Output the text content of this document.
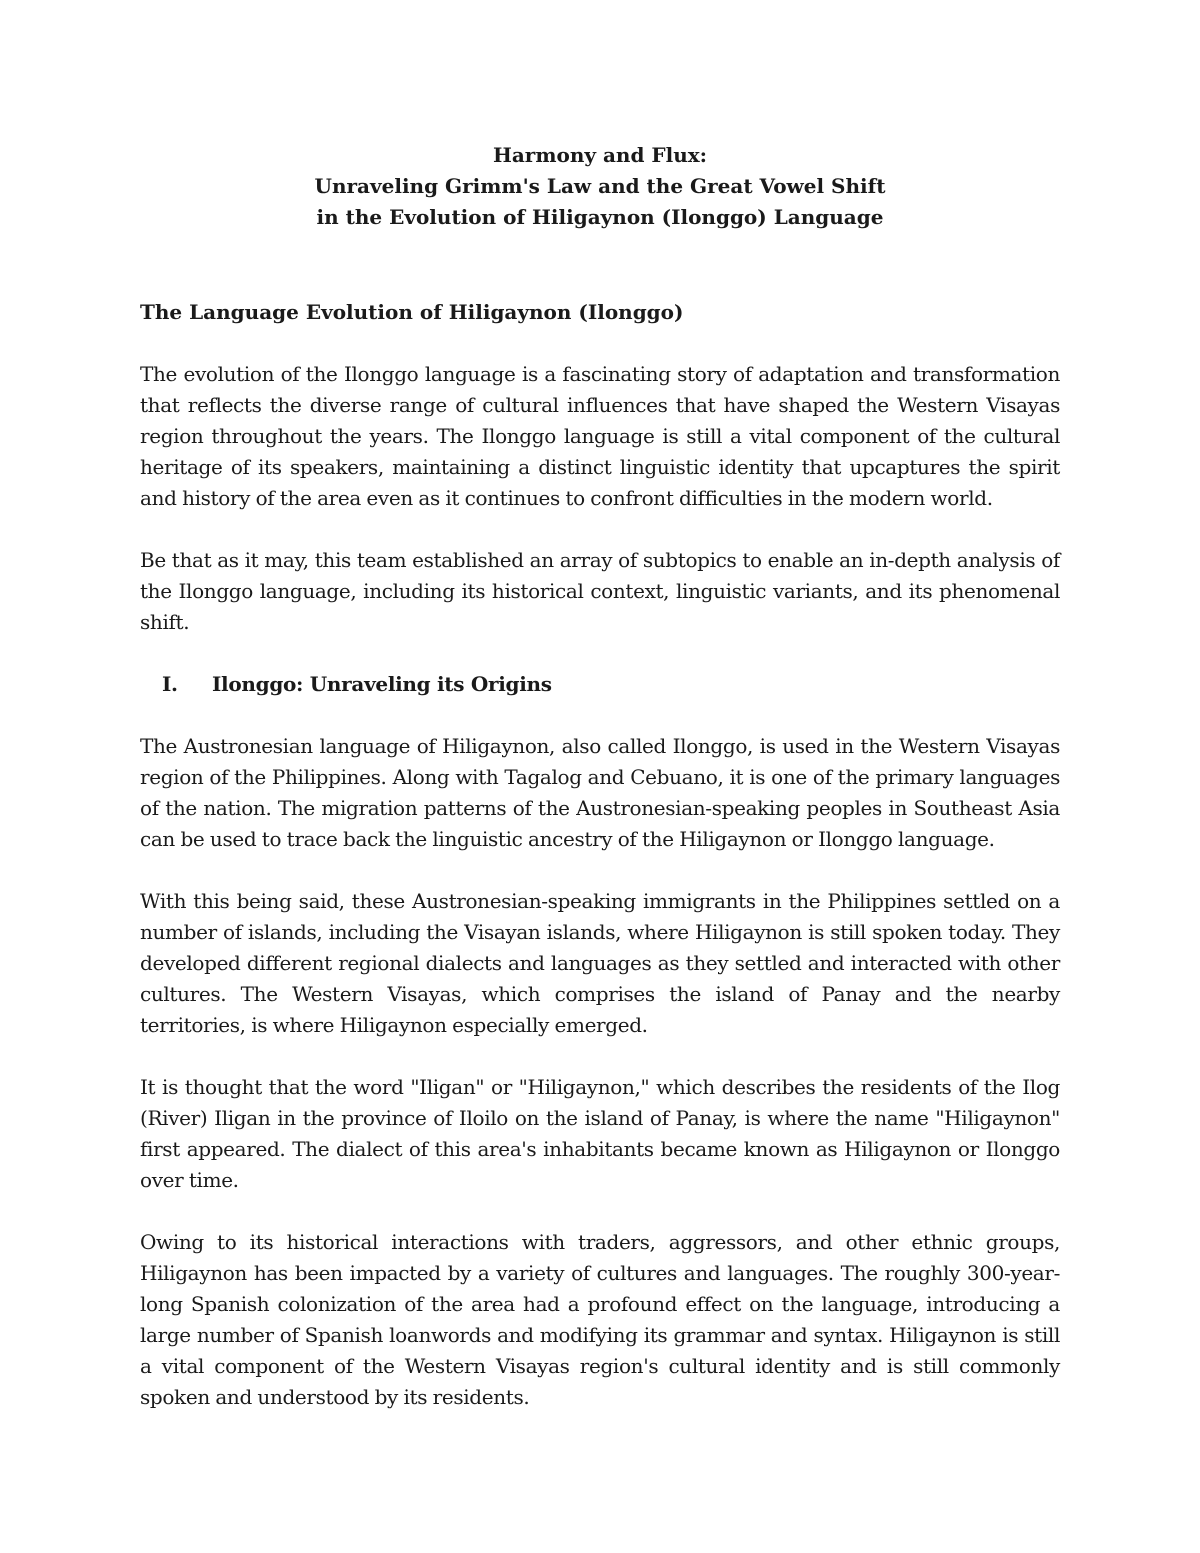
Harmony and Flux:
Unraveling Grimm's Law and the Great Vowel Shift
in the Evolution of Hiligaynon (Ilonggo) Language
The Language Evolution of Hiligaynon (Ilonggo)

The evolution of the Ilonggo language is a fascinating story of adaptation and transformation that reflects the diverse range of cultural influences that have shaped the Western Visayas region throughout the years. The Ilonggo language is still a vital component of the cultural heritage of its speakers, maintaining a distinct linguistic identity that upcaptures the spirit and history of the area even as it continues to confront difficulties in the modern world.

Be that as it may, this team established an array of subtopics to enable an in-depth analysis of the Ilonggo language, including its historical context, linguistic variants, and its phenomenal shift.

I.	Ilonggo: Unraveling its Origins

The Austronesian language of Hiligaynon, also called Ilonggo, is used in the Western Visayas region of the Philippines. Along with Tagalog and Cebuano, it is one of the primary languages of the nation. The migration patterns of the Austronesian-speaking peoples in Southeast Asia can be used to trace back the linguistic ancestry of the Hiligaynon or Ilonggo language.

With this being said, these Austronesian-speaking immigrants in the Philippines settled on a number of islands, including the Visayan islands, where Hiligaynon is still spoken today. They developed different regional dialects and languages as they settled and interacted with other cultures. The Western Visayas, which comprises the island of Panay and the nearby territories, is where Hiligaynon especially emerged.

It is thought that the word "Iligan" or "Hiligaynon," which describes the residents of the Ilog (River) Iligan in the province of Iloilo on the island of Panay, is where the name "Hiligaynon" first appeared. The dialect of this area's inhabitants became known as Hiligaynon or Ilonggo over time.

Owing to its historical interactions with traders, aggressors, and other ethnic groups, Hiligaynon has been impacted by a variety of cultures and languages. The roughly 300-year-long Spanish colonization of the area had a profound effect on the language, introducing a large number of Spanish loanwords and modifying its grammar and syntax. Hiligaynon is still a vital component of the Western Visayas region's cultural identity and is still commonly spoken and understood by its residents.
